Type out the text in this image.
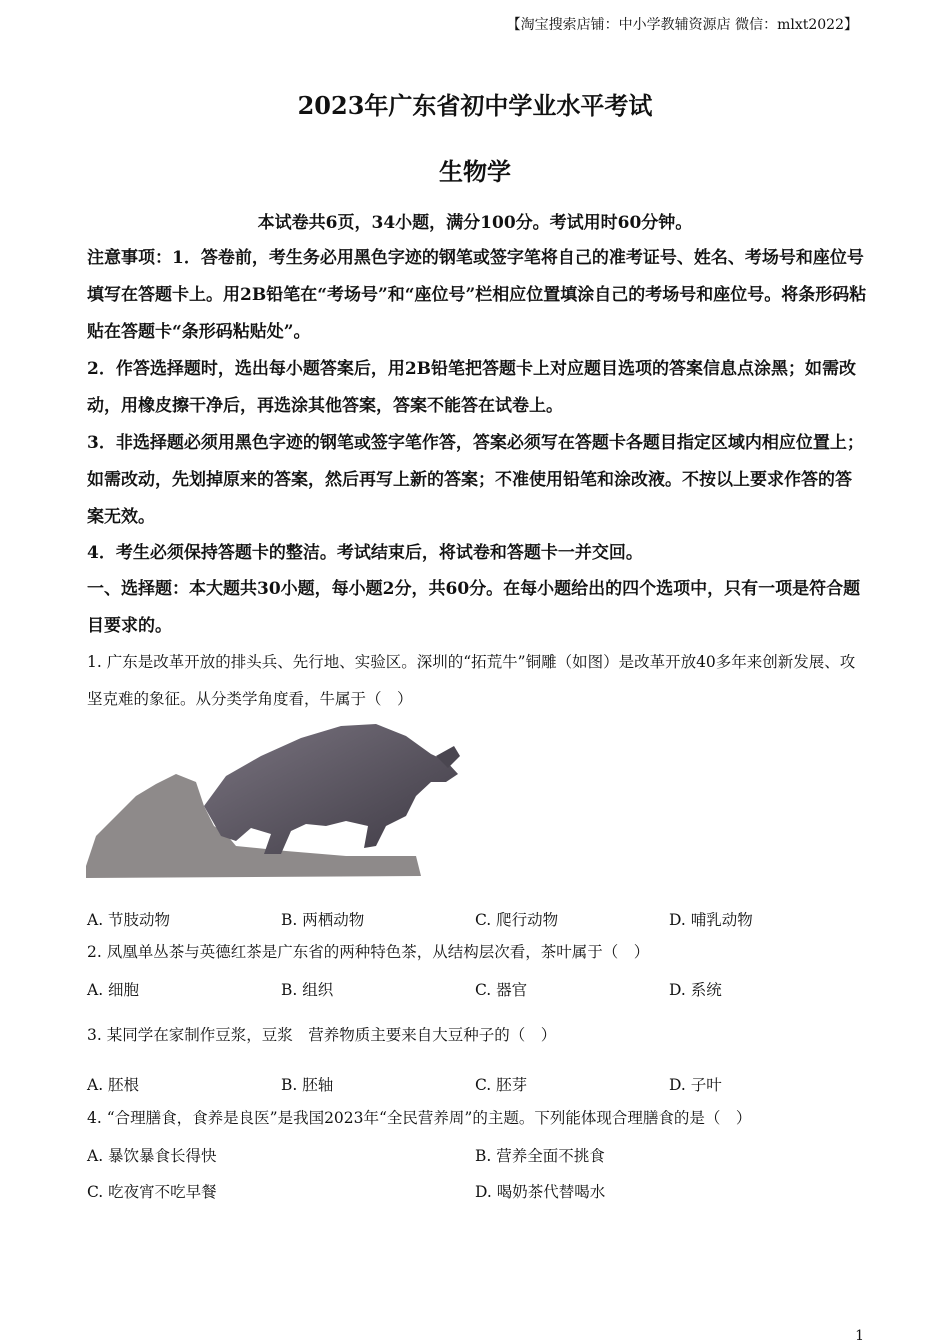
【淘宝搜索店铺：中小学教辅资源店 微信：mlxt2022】
2023年广东省初中学业水平考试
生物学
本试卷共6页，34小题，满分100分。考试用时60分钟。
注意事项：1．答卷前，考生务必用黑色字迹的钢笔或签字笔将自己的准考证号、姓名、考场号和座位号填写在答题卡上。用2B铅笔在“考场号”和“座位号”栏相应位置填涂自己的考场号和座位号。将条形码粘贴在答题卡“条形码粘贴处”。
2．作答选择题时，选出每小题答案后，用2B铅笔把答题卡上对应题目选项的答案信息点涂黑；如需改动，用橡皮擦干净后，再选涂其他答案，答案不能答在试卷上。
3．非选择题必须用黑色字迹的钢笔或签字笔作答，答案必须写在答题卡各题目指定区域内相应位置上；如需改动，先划掉原来的答案，然后再写上新的答案；不准使用铅笔和涂改液。不按以上要求作答的答案无效。
4．考生必须保持答题卡的整洁。考试结束后，将试卷和答题卡一并交回。
一、选择题：本大题共30小题，每小题2分，共60分。在每小题给出的四个选项中，只有一项是符合题目要求的。
1. 广东是改革开放的排头兵、先行地、实验区。深圳的“拓荒牛”铜雕（如图）是改革开放40多年来创新发展、攻坚克难的象征。从分类学角度看，牛属于（　）
A. 节肢动物	B. 两栖动物	C. 爬行动物	D. 哺乳动物
2. 凤凰单丛茶与英德红茶是广东省的两种特色茶，从结构层次看，茶叶属于（　）
A. 细胞	B. 组织	C. 器官	D. 系统
3. 某同学在家制作豆浆，豆浆　营养物质主要来自大豆种子的（　）
A. 胚根	B. 胚轴	C. 胚芽	D. 子叶
4. “合理膳食，食养是良医”是我国2023年“全民营养周”的主题。下列能体现合理膳食的是（　）
A. 暴饮暴食长得快	B. 营养全面不挑食
C. 吃夜宵不吃早餐	D. 喝奶茶代替喝水
1
